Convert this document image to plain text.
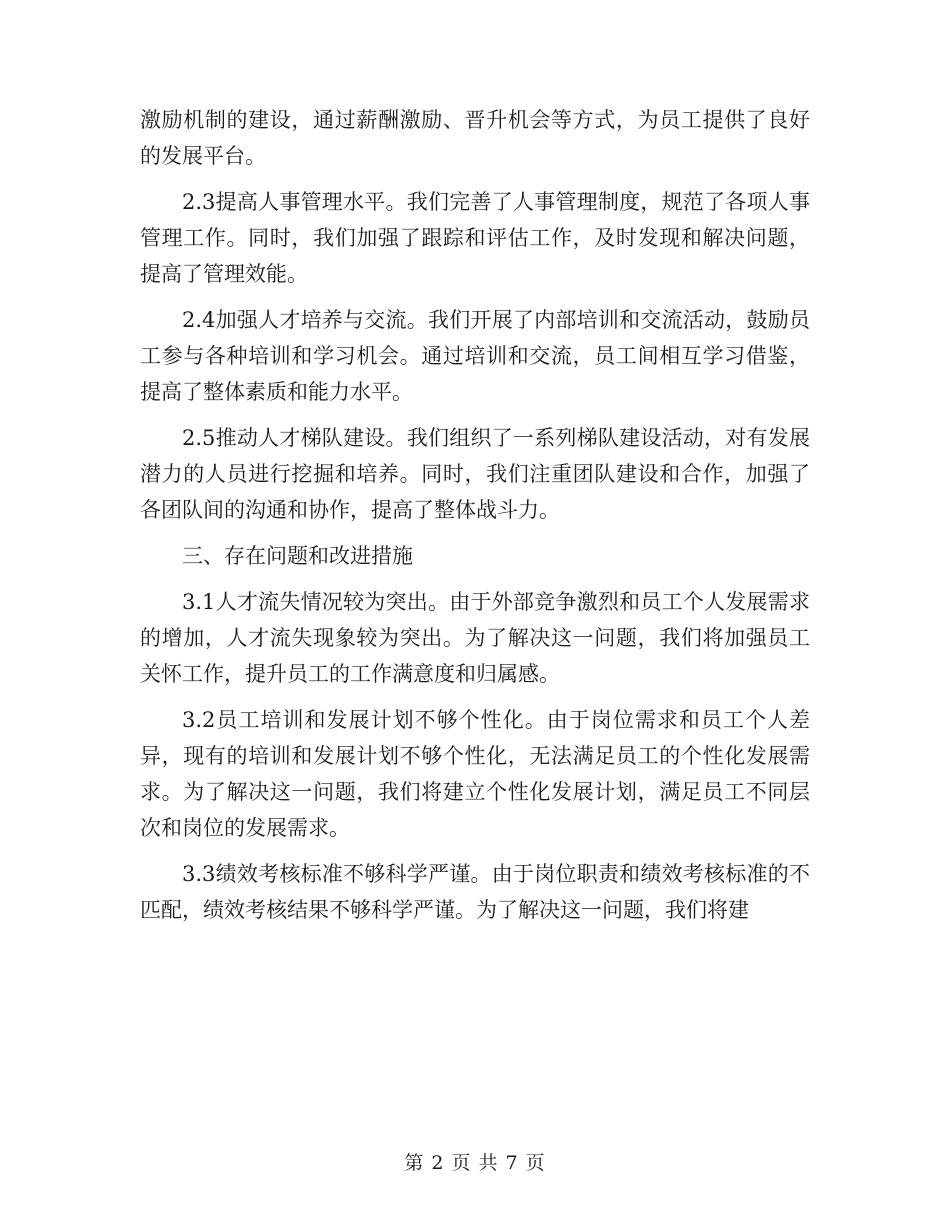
激励机制的建设，通过薪酬激励、晋升机会等方式，为员工提供了良好的发展平台。

2.3提高人事管理水平。我们完善了人事管理制度，规范了各项人事管理工作。同时，我们加强了跟踪和评估工作，及时发现和解决问题，提高了管理效能。

2.4加强人才培养与交流。我们开展了内部培训和交流活动，鼓励员工参与各种培训和学习机会。通过培训和交流，员工间相互学习借鉴，提高了整体素质和能力水平。

2.5推动人才梯队建设。我们组织了一系列梯队建设活动，对有发展潜力的人员进行挖掘和培养。同时，我们注重团队建设和合作，加强了各团队间的沟通和协作，提高了整体战斗力。

三、存在问题和改进措施

3.1人才流失情况较为突出。由于外部竞争激烈和员工个人发展需求的增加，人才流失现象较为突出。为了解决这一问题，我们将加强员工关怀工作，提升员工的工作满意度和归属感。

3.2员工培训和发展计划不够个性化。由于岗位需求和员工个人差异，现有的培训和发展计划不够个性化，无法满足员工的个性化发展需求。为了解决这一问题，我们将建立个性化发展计划，满足员工不同层次和岗位的发展需求。

3.3绩效考核标准不够科学严谨。由于岗位职责和绩效考核标准的不匹配，绩效考核结果不够科学严谨。为了解决这一问题，我们将建

第 2 页 共 7 页
